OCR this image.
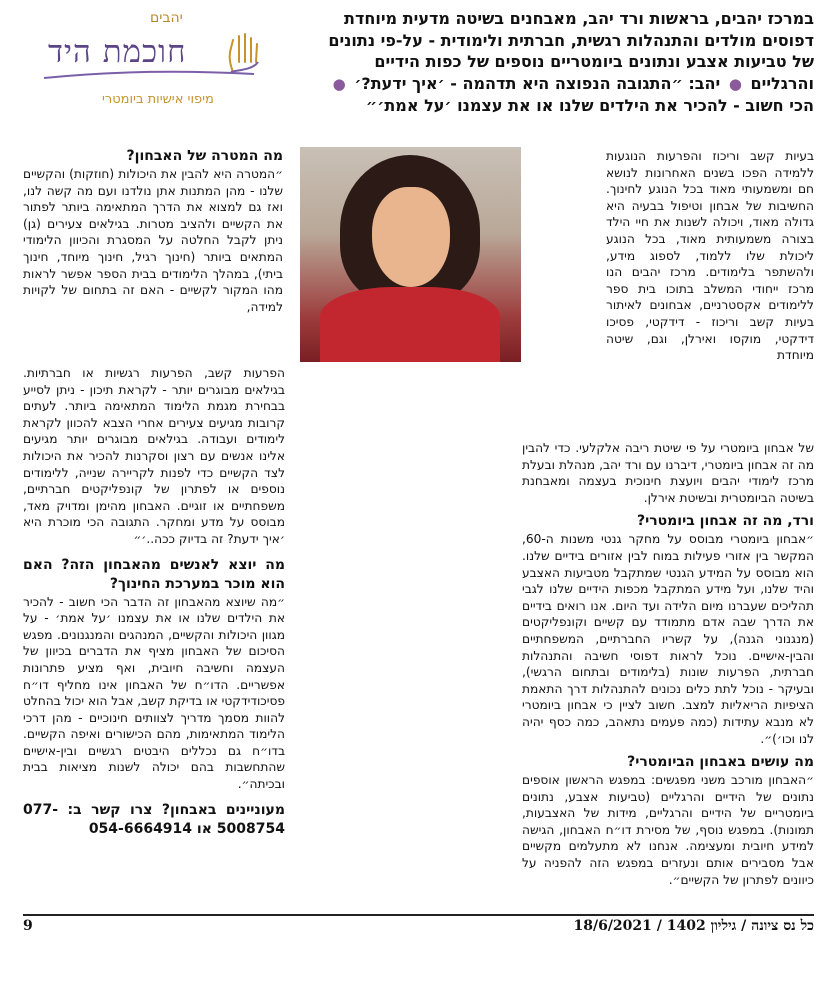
יהבים
חוכמת היד
מיפוי אישיות ביומטרי
במרכז יהבים, בראשות ורד יהב, מאבחנים בשיטה מדעית מיוחדת דפוסים מולדים והתנהלות רגשית, חברתית ולימודית - על-פי נתונים של טביעות אצבע ונתונים ביומטריים נוספים של כפות הידיים והרגליים ● יהב: ״התגובה הנפוצה היא תדהמה - ׳איך ידעת?׳ ● הכי חשוב - להכיר את הילדים שלנו או את עצמנו ׳על אמת׳״

בעיות קשב וריכוז והפרעות הנוגעות ללמידה הפכו בשנים האחרונות לנושא חם ומשמעותי מאוד בכל הנוגע לחינוך. החשיבות של אבחון וטיפול בבעיה היא גדולה מאוד, ויכולה לשנות את חיי הילד בצורה משמעותית מאוד, בכל הנוגע ליכולת שלו ללמוד, לספוג מידע, ולהשתפר בלימודים. מרכז יהבים הנו מרכז ייחודי המשלב בתוכו בית ספר ללימודים אקסטרניים, אבחונים לאיתור בעיות קשב וריכוז - דידקטי, פסיכו דידקטי, מוקסו ואירלן, וגם, שיטה מיוחדת

מה המטרה של האבחון?

״המטרה היא להבין את היכולות (חוזקות) והקשיים שלנו - מהן המתנות אתן נולדנו ועם מה קשה לנו, ואז גם למצוא את הדרך המתאימה ביותר לפתור את הקשיים ולהציב מטרות. בגילאים צעירים (גן) ניתן לקבל החלטה על המסגרת והכיוון הלימודי המתאים ביותר (חינוך רגיל, חינוך מיוחד, חינוך ביתי), במהלך הלימודים בבית הספר אפשר לראות מהו המקור לקשיים - האם זה בתחום של לקויות למידה,

של אבחון ביומטרי על פי שיטת ריבה אלקלעי. כדי להבין מה זה אבחון ביומטרי, דיברנו עם ורד יהב, מנהלת ובעלת מרכז לימודי יהבים ויועצת חינוכית בעצמה ומאבחנת בשיטה הביומטרית ובשיטת אירלן.

ורד, מה זה אבחון ביומטרי?

״אבחון ביומטרי מבוסס על מחקר גנטי משנות ה-60, המקשר בין אזורי פעילות במוח לבין אזורים בידיים שלנו. הוא מבוסס על המידע הגנטי שמתקבל מטביעות האצבע והיד שלנו, ועל מידע המתקבל מכפות הידיים שלנו לגבי תהליכים שעברנו מיום הלידה ועד היום. אנו רואים בידיים את הדרך שבה אדם מתמודד עם קשיים וקונפליקטים (מנגנוני הגנה), על קשריו החברתיים, המשפחתיים והבין-אישיים. נוכל לראות דפוסי חשיבה והתנהלות חברתית, הפרעות שונות (בלימודים ובתחום הרגשי), ובעיקר - נוכל לתת כלים נכונים להתנהלות דרך התאמת הציפיות הריאליות למצב. חשוב לציין כי אבחון ביומטרי לא מנבא עתידות (כמה פעמים נתאהב, כמה כסף יהיה לנו וכו׳)״.

מה עושים באבחון הביומטרי?

״האבחון מורכב משני מפגשים: במפגש הראשון אוספים נתונים של הידיים והרגליים (טביעות אצבע, נתונים ביומטריים של הידיים והרגליים, מידות של האצבעות, תמונות). במפגש נוסף, של מסירת דו״ח האבחון, הגישה למידע חיובית ומעצימה. אנחנו לא מתעלמים מקשיים אבל מסבירים אותם ונעזרים במפגש הזה להפניה על כיוונים לפתרון של הקשיים״.

הפרעות קשב, הפרעות רגשיות או חברתיות. בגילאים מבוגרים יותר - לקראת תיכון - ניתן לסייע בבחירת מגמת הלימוד המתאימה ביותר. לעתים קרובות מגיעים צעירים אחרי הצבא להכוון לקראת לימודים ועבודה. בגילאים מבוגרים יותר מגיעים אלינו אנשים עם רצון וסקרנות להכיר את היכולות לצד הקשיים כדי לפנות לקריירה שנייה, ללימודים נוספים או לפתרון של קונפליקטים חברתיים, משפחתיים או זוגיים. האבחון מהימן ומדויק מאד, מבוסס על מדע ומחקר. התגובה הכי מוכרת היא ׳איך ידעת? זה בדיוק ככה..׳״

מה יוצא לאנשים מהאבחון הזה? האם הוא מוכר במערכת החינוך?

״מה שיוצא מהאבחון זה הדבר הכי חשוב - להכיר את הילדים שלנו או את עצמנו ׳על אמת׳ - על מגוון היכולות והקשיים, המנהגים והמנגנונים. מפגש הסיכום של האבחון מציף את הדברים בכיוון של העצמה וחשיבה חיובית, ואף מציע פתרונות אפשריים. הדו״ח של האבחון אינו מחליף דו״ח פסיכודידקטי או בדיקת קשב, אבל הוא יכול בהחלט להוות מסמך מדריך לצוותים חינוכיים - מהן דרכי הלימוד המתאימות, מהם הכישורים ואיפה הקשיים. בדו״ח גם נכללים היבטים רגשיים ובין-אישיים שהתחשבות בהם יכולה לשנות מציאות בבית ובכיתה״.

מעוניינים באבחון? צרו קשר ב: 077-5008754 או 054-6664914
כל נס ציונה / גיליון 1402 / 18/6/2021
9
